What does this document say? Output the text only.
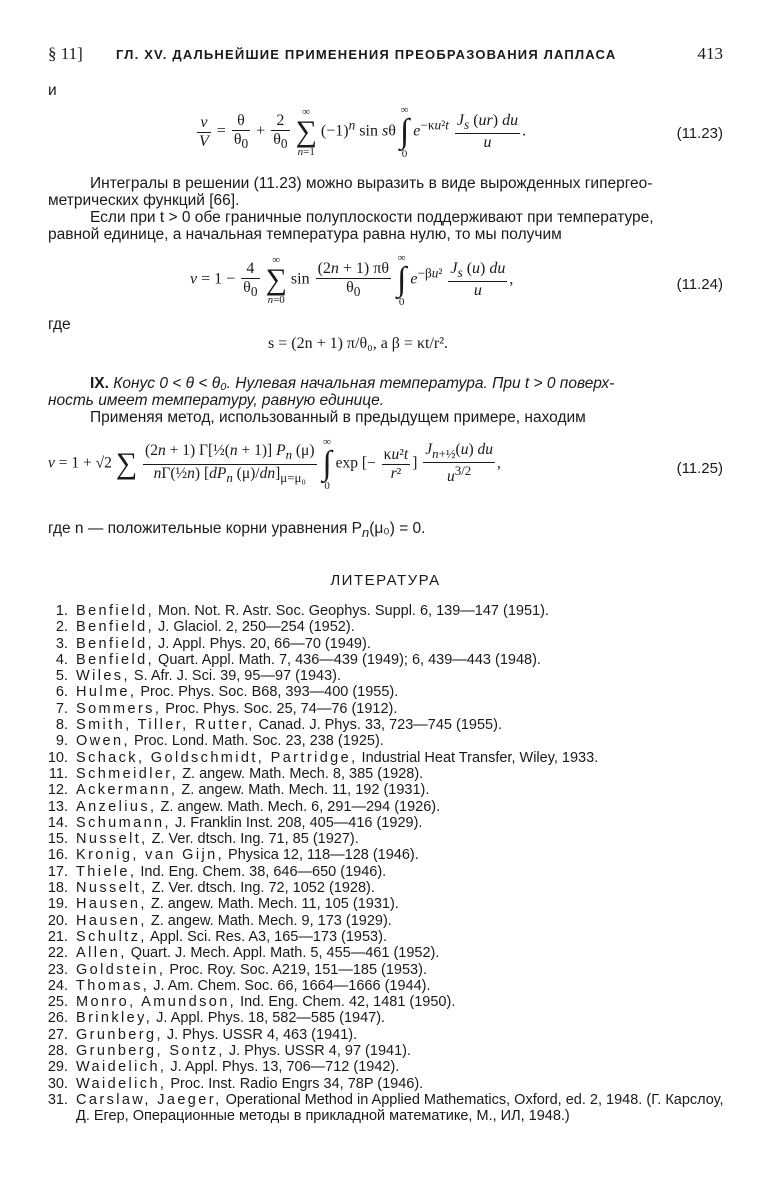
§ 11]	ГЛ. XV. ДАЛЬНЕЙШИЕ ПРИМЕНЕНИЯ ПРЕОБРАЗОВАНИЯ ЛАПЛАСА	413
и
$\frac{v}{V} = \frac{\theta}{\theta_0} + \frac{2}{\theta_0}$
	∞
∑
n=1
$(-1)^n$ sin sθ
∞
∫
0
$e^{-\kappa u^2t} \frac{J_s (ur) du}{u}$ .	(11.23)
Интегралы в решении (11.23) можно выразить в виде вырожденных гипергео-
метрических функций [66].
Если при t > 0 обе граничные полуплоскости поддерживают при температуре,
равной единице, а начальная температура равна нулю, то мы получим
$v = 1 - \frac{4}{\theta_0}$
	∞
∑
n=0
$\sin \frac{(2n + 1) \pi\theta}{\theta_0}$

∞
∫
0
$e^{-\beta u^2} \frac{J_s (u) du}{u}$ ,	(11.24)
где
s = (2n + 1) π/θ₀, а β = κt/r².
IX. Конус 0 < θ < θ₀. Нулевая начальная температура. При t > 0 поверх-
ность имеет температуру, равную единице.
Применяя метод, использованный в предыдущем примере, находим
v = 1 + √2 ∑
$\frac{(2n + 1) \Gamma[\frac{1}{2}(n + 1)] P_n (\mu)}{n\Gamma(\frac{1}{2}n) [dP_n (\mu)/dn]_{\mu=\mu_0}}$

∞
∫
0
exp [− $\frac{\text{κu²t}}{\text{r²}}$ ] $\frac{J_{n+\frac{1}{2}}(u) du}{u^{3/2}}$ ,	(11.25)
где n — положительные корни уравнения $P_n(\mu_0) = 0$.
ЛИТЕРАТУРА
1. Benfield, Mon. Not. R. Astr. Soc. Geophys. Suppl. 6, 139—147 (1951).
2. Benfield, J. Glaciol. 2, 250—254 (1952).
3. Benfield, J. Appl. Phys. 20, 66—70 (1949).
4. Benfield, Quart. Appl. Math. 7, 436—439 (1949); 6, 439—443 (1948).
5. Wiles, S. Afr. J. Sci. 39, 95—97 (1943).
6. Hulme, Proc. Phys. Soc. B68, 393—400 (1955).
7. Sommers, Proc. Phys. Soc. 25, 74—76 (1912).
8. Smith, Tiller, Rutter, Canad. J. Phys. 33, 723—745 (1955).
9. Owen, Proc. Lond. Math. Soc. 23, 238 (1925).
10. Schack, Goldschmidt, Partridge, Industrial Heat Transfer, Wiley, 1933.
11. Schmeidler, Z. angew. Math. Mech. 8, 385 (1928).
12. Ackermann, Z. angew. Math. Mech. 11, 192 (1931).
13. Anzelius, Z. angew. Math. Mech. 6, 291—294 (1926).
14. Schumann, J. Franklin Inst. 208, 405—416 (1929).
15. Nusselt, Z. Ver. dtsch. Ing. 71, 85 (1927).
16. Kronig, van Gijn, Physica 12, 118—128 (1946).
17. Thiele, Ind. Eng. Chem. 38, 646—650 (1946).
18. Nusselt, Z. Ver. dtsch. Ing. 72, 1052 (1928).
19. Hausen, Z. angew. Math. Mech. 11, 105 (1931).
20. Hausen, Z. angew. Math. Mech. 9, 173 (1929).
21. Schultz, Appl. Sci. Res. A3, 165—173 (1953).
22. Allen, Quart. J. Mech. Appl. Math. 5, 455—461 (1952).
23. Goldstein, Proc. Roy. Soc. A219, 151—185 (1953).
24. Thomas, J. Am. Chem. Soc. 66, 1664—1666 (1944).
25. Monro, Amundson, Ind. Eng. Chem. 42, 1481 (1950).
26. Brinkley, J. Appl. Phys. 18, 582—585 (1947).
27. Grunberg, J. Phys. USSR 4, 463 (1941).
28. Grunberg, Sontz, J. Phys. USSR 4, 97 (1941).
29. Waidelich, J. Appl. Phys. 13, 706—712 (1942).
30. Waidelich, Proc. Inst. Radio Engrs 34, 78P (1946).
31. Carslaw, Jaeger, Operational Method in Applied Mathematics, Oxford, ed. 2, 1948. (Г. Карслоу, Д. Егер, Операционные методы в прикладной математике, М., ИЛ, 1948.)
